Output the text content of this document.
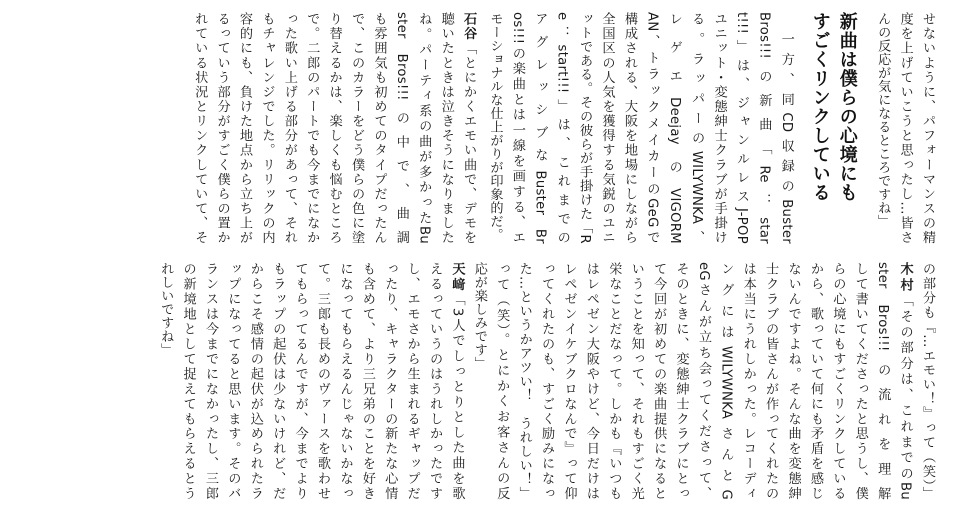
せないように、パフォーマンスの精
度を上げていこうと思ったし…皆さ
んの反応が気になるところですね」
新曲は僕らの心境にも
すごくリンクしている
　一方、同CD収録のBuster
Bros!!!の新曲「Re：star
t!!!」は、ジャンルレスJ-POP
ユニット・変態紳士クラブが手掛け
る。ラッパーのWILYWNKA、
レゲエDeejayのVIGORM
AN、トラックメイカーのGeGで
構成される、大阪を地場にしながら
全国区の人気を獲得する気鋭のユニ
ットである。その彼らが手掛けた「R
e：start!!!」は、これまでの
アグレッシブなBuster Br
os!!!の楽曲とは一線を画する、エ
モーショナルな仕上がりが印象的だ。
石谷「とにかくエモい曲で、デモを
聴いたときは泣きそうになりました
ね。パーティ系の曲が多かったBu
ster Bros!!!の中で、曲調
も雰囲気も初めてのタイプだったん
で、このカラーをどう僕らの色に塗
り替えるかは、楽しくも悩むところ
で。二郎のパートでも今までになか
った歌い上げる部分があって、それ
もチャレンジでした。リリックの内
容的にも、負けた地点から立ち上が
るっていう部分がすごく僕らの置か
れている状況とリンクしていて、そ
の部分も『…エモい！』って（笑）」
木村「その部分は、これまでのBu
ster Bros!!!の流れを理解
して書いてくださったと思うし、僕
らの心境にもすごくリンクしている
から、歌っていて何にも矛盾を感じ
ないんですよね。そんな曲を変態紳
士クラブの皆さんが作ってくれたの
は本当にうれしかった。レコーディ
ングにはWILYWNKAさんとG
eGさんが立ち会ってくださって、
そのときに、変態紳士クラブにとっ
て今回が初めての楽曲提供になると
いうことを知って、それもすごく光
栄なことだなって。しかも『いつも
はレペゼン大阪やけど、今日だけは
レペゼンイケブクロなんで』って仰
ってくれたのも、すごく励みになっ
た…というかアツい！　うれしい！」
って（笑）。とにかくお客さんの反
応が楽しみです」
天﨑「3人でしっとりとした曲を歌
えるっていうのはうれしかったです
し、エモさから生まれるギャップだ
ったり、キャラクターの新たな心情
も含めて、より三兄弟のことを好き
になってもらえるんじゃないかなっ
て。三郎も長めのヴァースを歌わせ
てもらってるんですが、今までより
もラップの起伏は少ないけれど、だ
からこそ感情の起伏が込められたラ
ップになってると思います。そのバ
ランスは今までになかったし、三郎
の新境地として捉えてもらえるとう
れしいですね」
